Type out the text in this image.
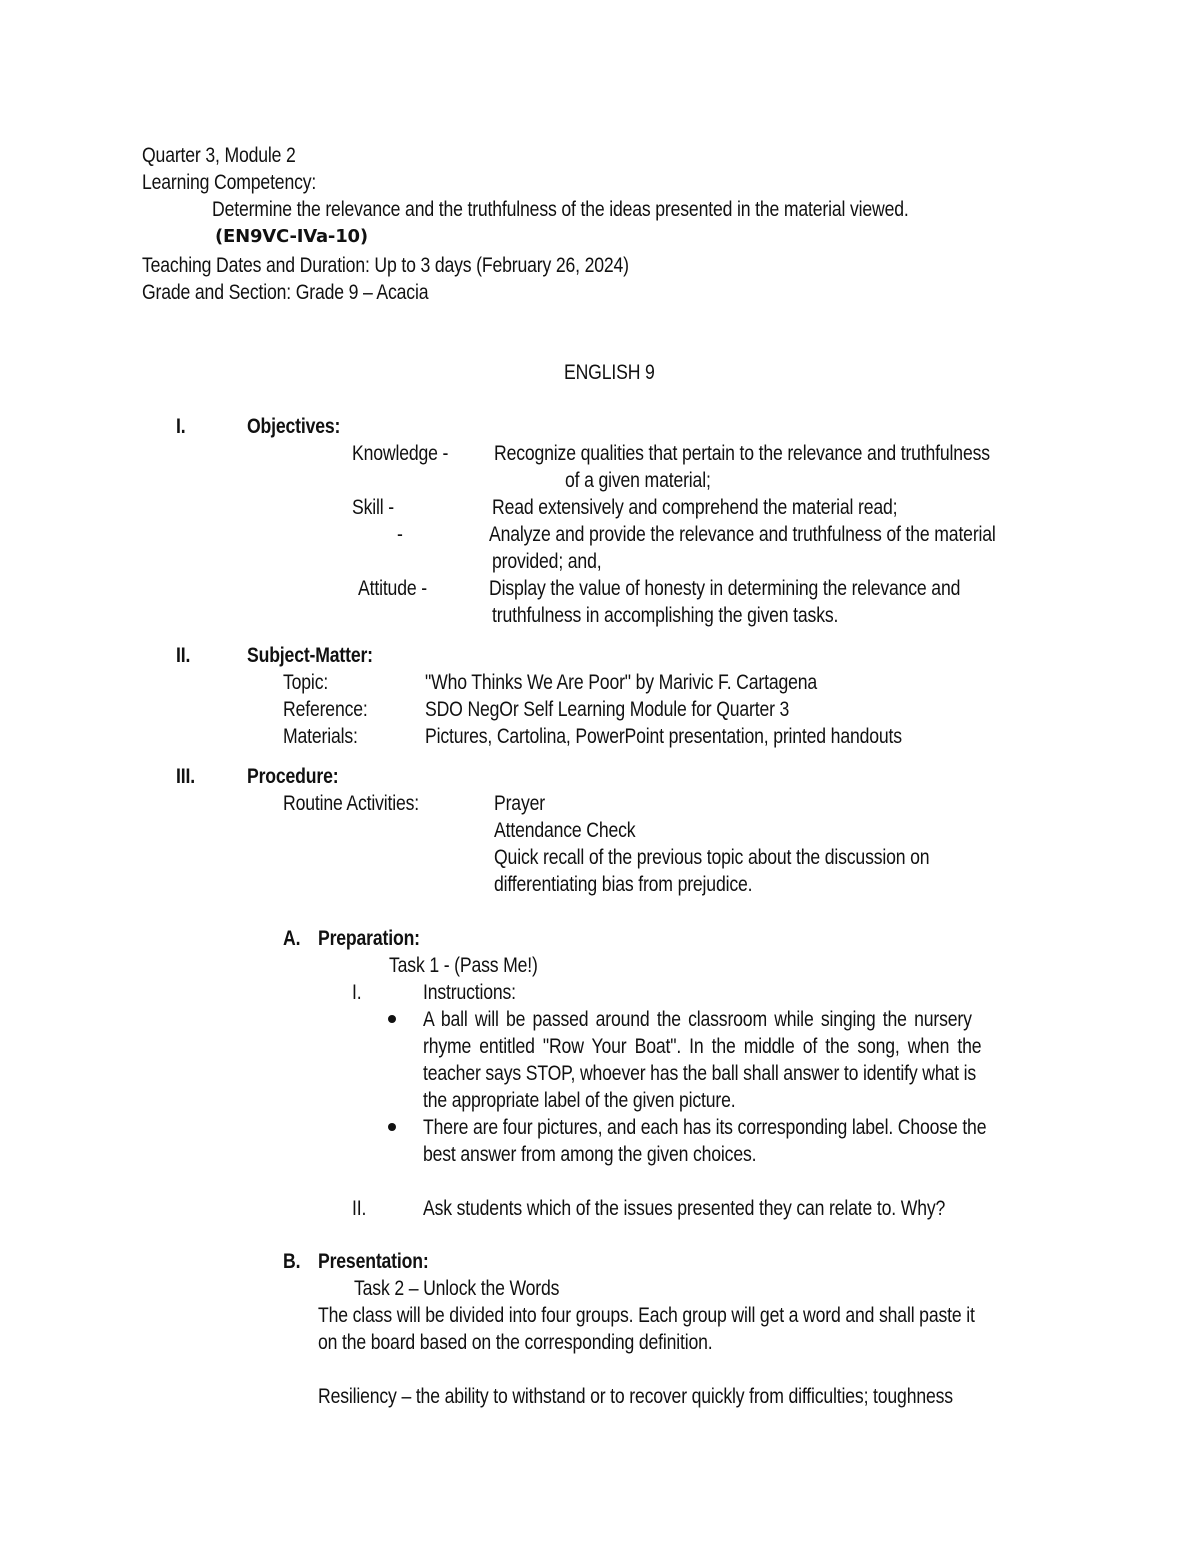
Quarter 3, Module 2
Learning Competency:
Determine the relevance and the truthfulness of the ideas presented in the material viewed.
(EN9VC-IVa-10)
Teaching Dates and Duration: Up to 3 days (February 26, 2024)
Grade and Section: Grade 9 – Acacia
ENGLISH 9
I.	Objectives:
Knowledge - Recognize qualities that pertain to the relevance and truthfulness
of a given material;
Skill -	Read extensively and comprehend the material read;
-	Analyze and provide the relevance and truthfulness of the material
provided; and,
Attitude -	Display the value of honesty in determining the relevance and
truthfulness in accomplishing the given tasks.
II.	Subject-Matter:
Topic:	"Who Thinks We Are Poor" by Marivic F. Cartagena
Reference:	SDO NegOr Self Learning Module for Quarter 3
Materials:	Pictures, Cartolina, PowerPoint presentation, printed handouts
III. Procedure:
Routine Activities:	Prayer
Attendance Check
Quick recall of the previous topic about the discussion on
differentiating bias from prejudice.
A. Preparation:
Task 1 - (Pass Me!)
I.	Instructions:
A ball will be passed around the classroom while singing the nursery
rhyme entitled "Row Your Boat". In the middle of the song, when the
teacher says STOP, whoever has the ball shall answer to identify what is
the appropriate label of the given picture.
There are four pictures, and each has its corresponding label. Choose the
best answer from among the given choices.
II.	Ask students which of the issues presented they can relate to. Why?
B. Presentation:
Task 2 – Unlock the Words
The class will be divided into four groups. Each group will get a word and shall paste it
on the board based on the corresponding definition.
Resiliency – the ability to withstand or to recover quickly from difficulties; toughness
